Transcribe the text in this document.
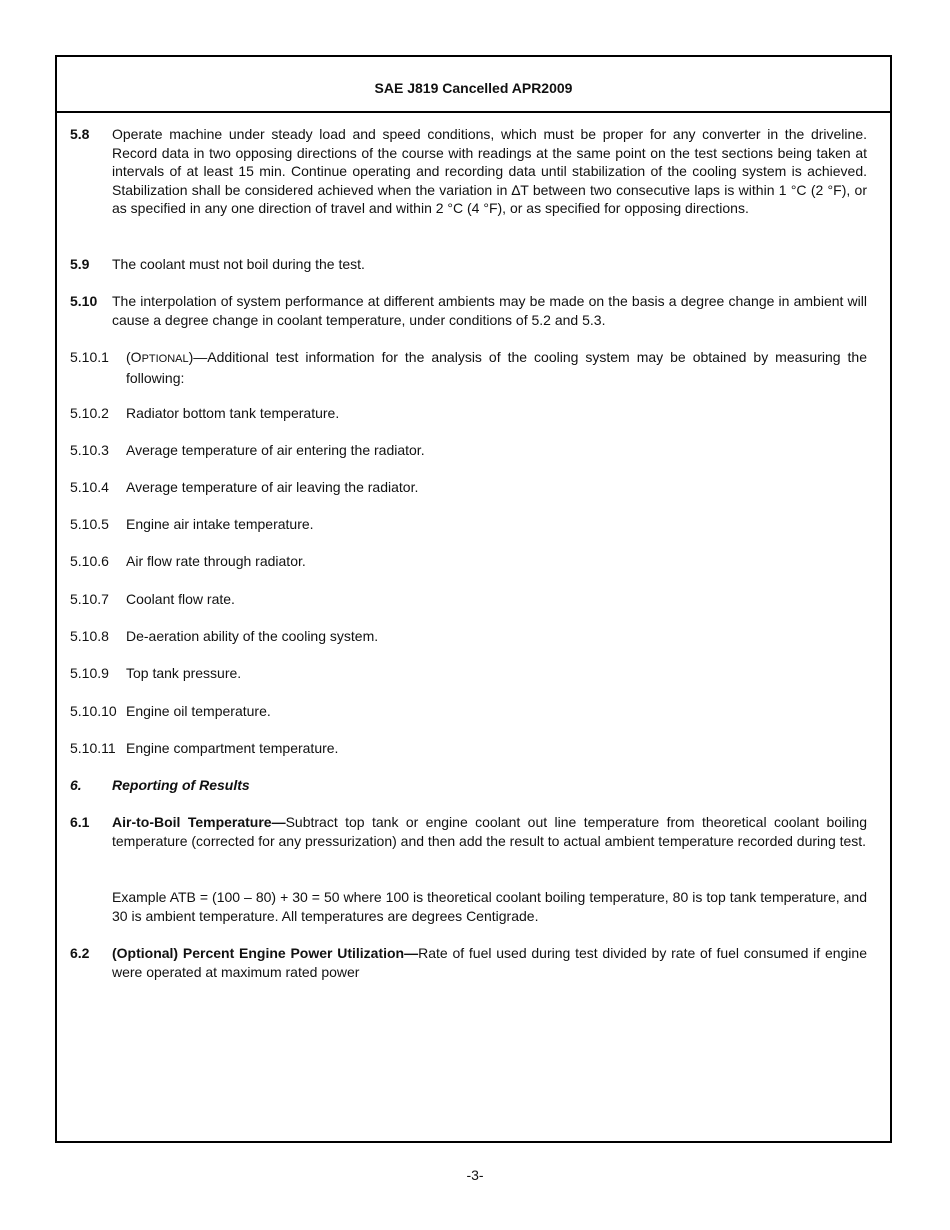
SAE J819 Cancelled APR2009
5.8 Operate machine under steady load and speed conditions, which must be proper for any converter in the driveline. Record data in two opposing directions of the course with readings at the same point on the test sections being taken at intervals of at least 15 min. Continue operating and recording data until stabilization of the cooling system is achieved. Stabilization shall be considered achieved when the variation in ∆T between two consecutive laps is within 1 °C (2 °F), or as specified in any one direction of travel and within 2 °C (4 °F), or as specified for opposing directions.
5.9 The coolant must not boil during the test.
5.10 The interpolation of system performance at different ambients may be made on the basis a degree change in ambient will cause a degree change in coolant temperature, under conditions of 5.2 and 5.3.
5.10.1 (OPTIONAL)—Additional test information for the analysis of the cooling system may be obtained by measuring the following:
5.10.2 Radiator bottom tank temperature.
5.10.3 Average temperature of air entering the radiator.
5.10.4 Average temperature of air leaving the radiator.
5.10.5 Engine air intake temperature.
5.10.6 Air flow rate through radiator.
5.10.7 Coolant flow rate.
5.10.8 De-aeration ability of the cooling system.
5.10.9 Top tank pressure.
5.10.10 Engine oil temperature.
5.10.11 Engine compartment temperature.
6. Reporting of Results
6.1 Air-to-Boil Temperature—Subtract top tank or engine coolant out line temperature from theoretical coolant boiling temperature (corrected for any pressurization) and then add the result to actual ambient temperature recorded during test.
Example ATB = (100 – 80) + 30 = 50 where 100 is theoretical coolant boiling temperature, 80 is top tank temperature, and 30 is ambient temperature. All temperatures are degrees Centigrade.
6.2 (Optional) Percent Engine Power Utilization—Rate of fuel used during test divided by rate of fuel consumed if engine were operated at maximum rated power
-3-
